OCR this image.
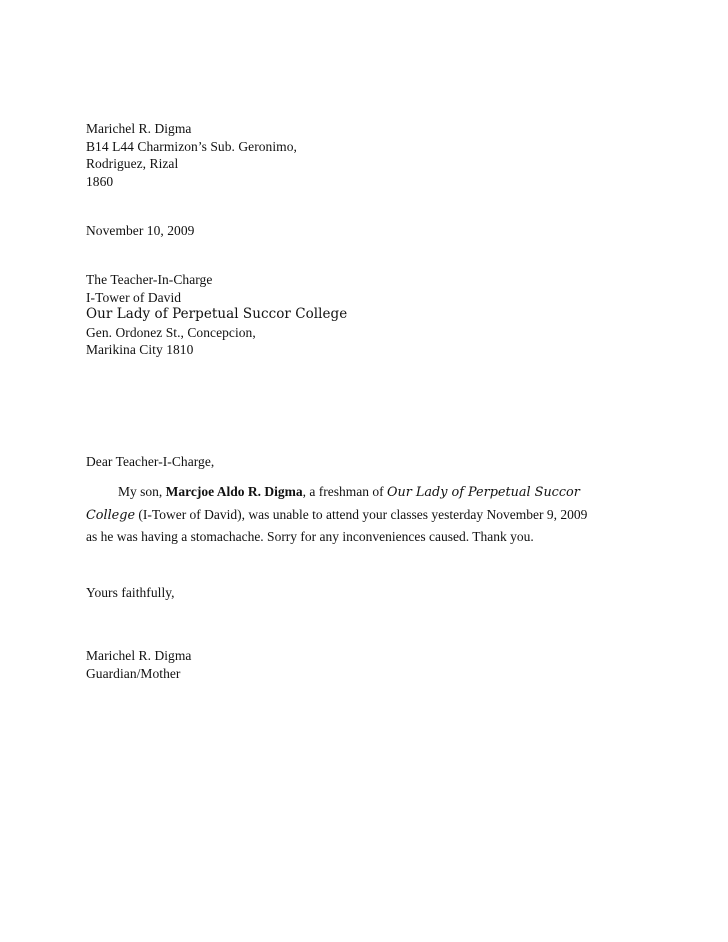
Marichel R. Digma
B14 L44 Charmizon’s Sub. Geronimo,
Rodriguez, Rizal
1860
November 10, 2009
The Teacher-In-Charge
I-Tower of David
Our Lady of Perpetual Succor College
Gen. Ordonez St., Concepcion,
Marikina City 1810
Dear Teacher-I-Charge,
My son, Marcjoe Aldo R. Digma, a freshman of Our Lady of Perpetual Succor
College (I-Tower of David), was unable to attend your classes yesterday November 9, 2009
as he was having a stomachache. Sorry for any inconveniences caused. Thank you.
Yours faithfully,
Marichel R. Digma
Guardian/Mother
